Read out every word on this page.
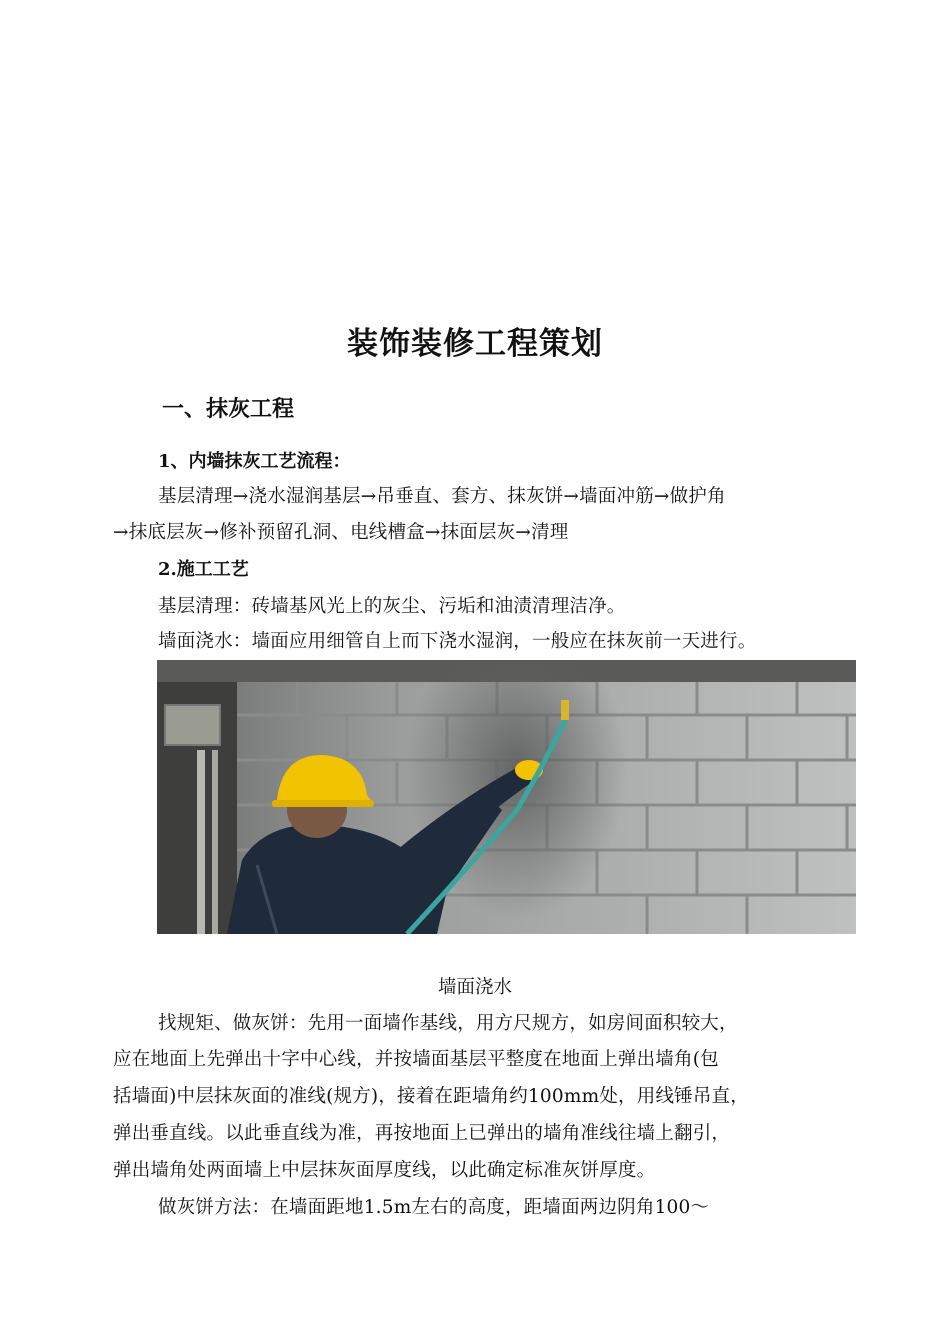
装饰装修工程策划
一、抹灰工程
1、内墙抹灰工艺流程：
基层清理→浇水湿润基层→吊垂直、套方、抹灰饼→墙面冲筋→做护角
→抹底层灰→修补预留孔洞、电线槽盒→抹面层灰→清理
2.施工工艺
基层清理：砖墙基风光上的灰尘、污垢和油渍清理洁净。
墙面浇水：墙面应用细管自上而下浇水湿润，一般应在抹灰前一天进行。
墙面浇水
找规矩、做灰饼：先用一面墙作基线，用方尺规方，如房间面积较大，
应在地面上先弹出十字中心线，并按墙面基层平整度在地面上弹出墙角(包
括墙面)中层抹灰面的准线(规方)，接着在距墙角约100mm处，用线锤吊直，
弹出垂直线。以此垂直线为准，再按地面上已弹出的墙角准线往墙上翻引，
弹出墙角处两面墙上中层抹灰面厚度线，以此确定标准灰饼厚度。
做灰饼方法：在墙面距地1.5m左右的高度，距墙面两边阴角100～
